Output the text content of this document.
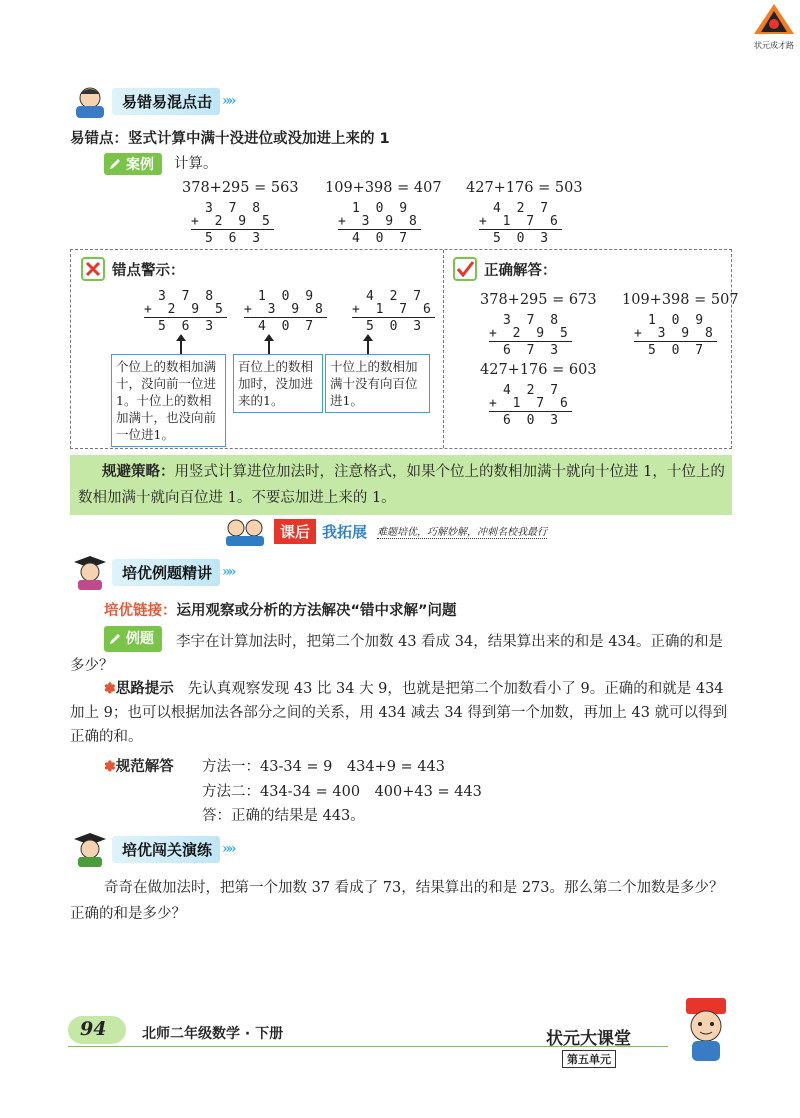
状元成才路
易错易混点击 »»
易错点：竖式计算中满十没进位或没加进上来的 1
案例 计算。
378+295 = 563 109+398 = 407 427+176 = 503
3 7 8
+ 2 9 5
5 6 3
1 0 9
+ 3 9 8
4 0 7
4 2 7
+ 1 7 6
5 0 3
错点警示：
3 7 8
+ 2 9 5
5 6 3
1 0 9
+ 3 9 8
4 0 7
4 2 7
+ 1 7 6
5 0 3
个位上的数相加满十，没向前一位进1。十位上的数相加满十，也没向前一位进1。
百位上的数相加时，没加进来的1。
十位上的数相加满十没有向百位进1。
正确解答：
378+295 = 673 109+398 = 507
3 7 8
+ 2 9 5
6 7 3
1 0 9
+ 3 9 8
5 0 7
427+176 = 603
4 2 7
+ 1 7 6
6 0 3
规避策略：用竖式计算进位加法时，注意格式，如果个位上的数相加满十就向十位进 1，十位上的数相加满十就向百位进 1。不要忘加进上来的 1。
课后 我拓展 难题培优，巧解妙解，冲刺名校我最行
培优例题精讲 »»
培优链接：运用观察或分析的方法解决“错中求解”问题
例题 李宇在计算加法时，把第二个加数 43 看成 34，结果算出来的和是 434。正确的和是多少？
✽思路提示 先认真观察发现 43 比 34 大 9，也就是把第二个加数看小了 9。正确的和就是 434 加上 9；也可以根据加法各部分之间的关系，用 434 减去 34 得到第一个加数，再加上 43 就可以得到正确的和。
✽规范解答 方法一：43-34 = 9　434+9 = 443
方法二：434-34 = 400　400+43 = 443
答：正确的结果是 443。
培优闯关演练 »»
奇奇在做加法时，把第一个加数 37 看成了 73，结果算出的和是 273。那么第二个加数是多少？正确的和是多少？
94	北师二年级数学 · 下册	状元大课堂
第五单元
